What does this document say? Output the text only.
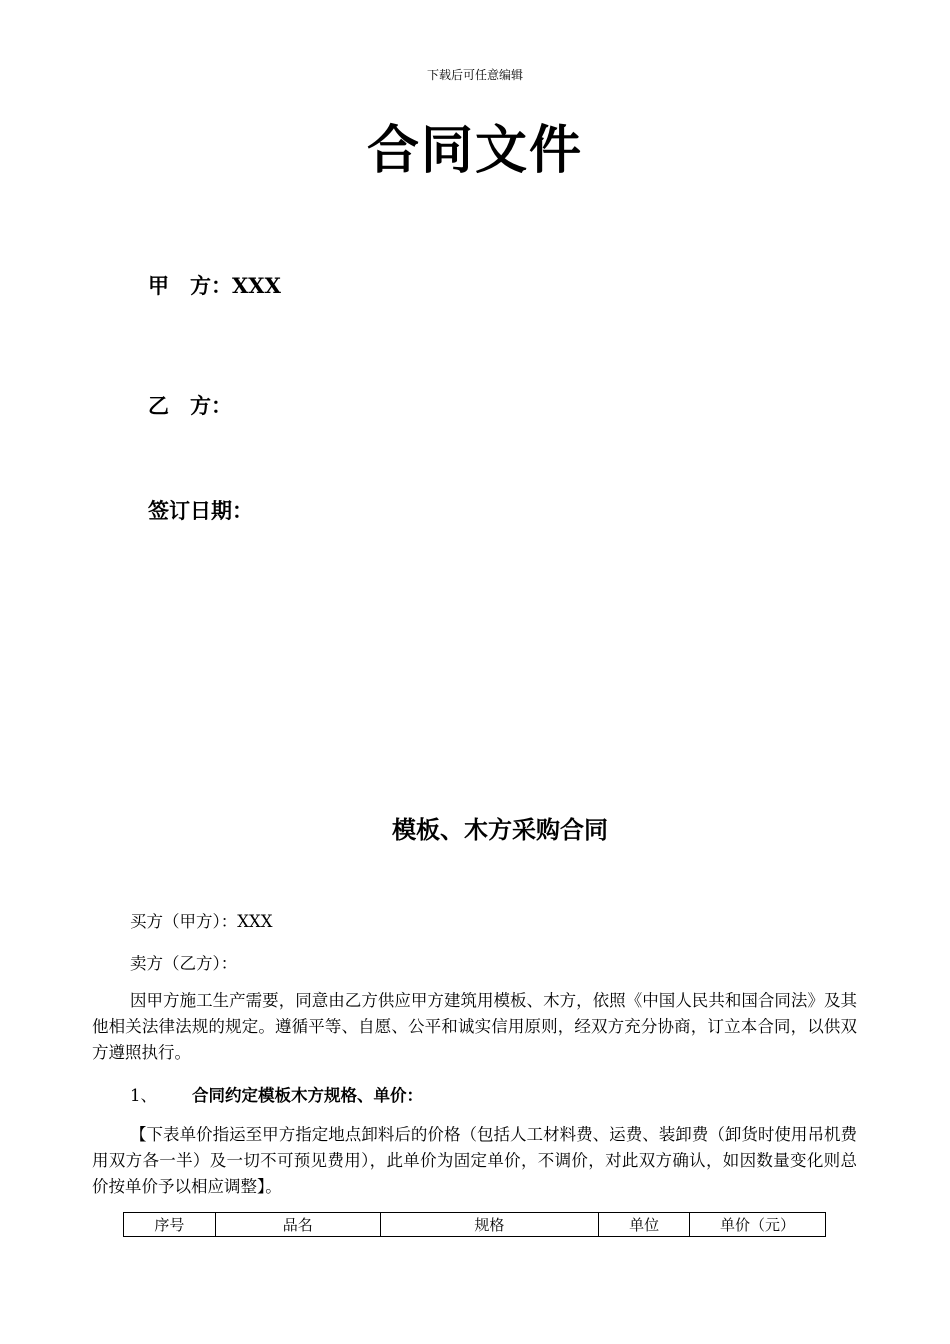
下载后可任意编辑
合同文件
甲　方：XXX
乙　方：
签订日期：
模板、木方采购合同
买方（甲方）：XXX
卖方（乙方）：
因甲方施工生产需要，同意由乙方供应甲方建筑用模板、木方，依照《中国人民共和国合同法》及其他相关法律法规的规定。遵循平等、自愿、公平和诚实信用原则，经双方充分协商，订立本合同，以供双方遵照执行。
1、 合同约定模板木方规格、单价：
【下表单价指运至甲方指定地点卸料后的价格（包括人工材料费、运费、装卸费（卸货时使用吊机费用双方各一半）及一切不可预见费用），此单价为固定单价，不调价，对此双方确认，如因数量变化则总价按单价予以相应调整】。
序号	品名	规格	单位	单价（元）
